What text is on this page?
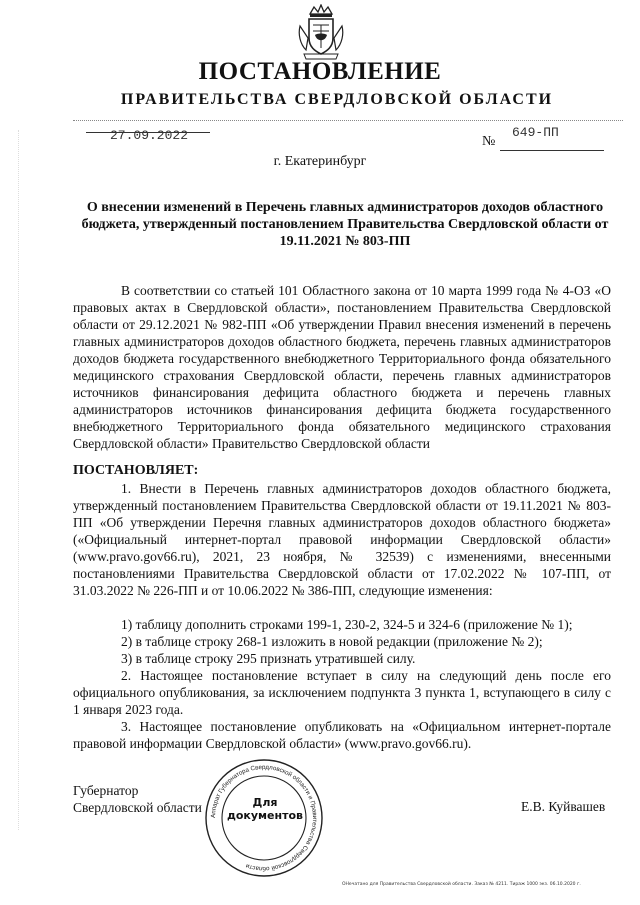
ПОСТАНОВЛЕНИЕ
ПРАВИТЕЛЬСТВА СВЕРДЛОВСКОЙ ОБЛАСТИ
27.09.2022	№
649-ПП
г. Екатеринбург
О внесении изменений в Перечень главных администраторов доходов областного бюджета, утвержденный постановлением Правительства Свердловской области от 19.11.2021 № 803-ПП

В соответствии со статьей 101 Областного закона от 10 марта 1999 года № 4-ОЗ «О правовых актах в Свердловской области», постановлением Правительства Свердловской области от 29.12.2021 № 982-ПП «Об утверждении Правил внесения изменений в перечень главных администраторов доходов областного бюджета, перечень главных администраторов доходов бюджета государственного внебюджетного Территориального фонда обязательного медицинского страхования Свердловской области, перечень главных администраторов источников финансирования дефицита областного бюджета и перечень главных администраторов источников финансирования дефицита бюджета государственного внебюджетного Территориального фонда обязательного медицинского страхования Свердловской области» Правительство Свердловской области

ПОСТАНОВЛЯЕТ:

1. Внести в Перечень главных администраторов доходов областного бюджета, утвержденный постановлением Правительства Свердловской области от 19.11.2021 № 803-ПП «Об утверждении Перечня главных администраторов доходов областного бюджета» («Официальный интернет-портал правовой информации Свердловской области» (www.pravo.gov66.ru), 2021, 23 ноября, № 32539) с изменениями, внесенными постановлениями Правительства Свердловской области от 17.02.2022 № 107-ПП, от 31.03.2022 № 226-ПП и от 10.06.2022 № 386-ПП, следующие изменения:

1) таблицу дополнить строками 199-1, 230-2, 324-5 и 324-6 (приложение № 1);

2) в таблице строку 268-1 изложить в новой редакции (приложение № 2);

3) в таблице строку 295 признать утратившей силу.

2. Настоящее постановление вступает в силу на следующий день после его официального опубликования, за исключением подпункта 3 пункта 1, вступающего в силу с 1 января 2023 года.

3. Настоящее постановление опубликовать на «Официальном интернет-портале правовой информации Свердловской области» (www.pravo.gov66.ru).

Губернатор
Свердловской области	Е.В. Куйвашев
Аппарат Губернатора Свердловской области и Правительства Свердловской области
Для документов
ОНечатано для Правительства Свердловской области. Заказ № 4211. Тираж 1000 экз. 06.10.2020 г.
